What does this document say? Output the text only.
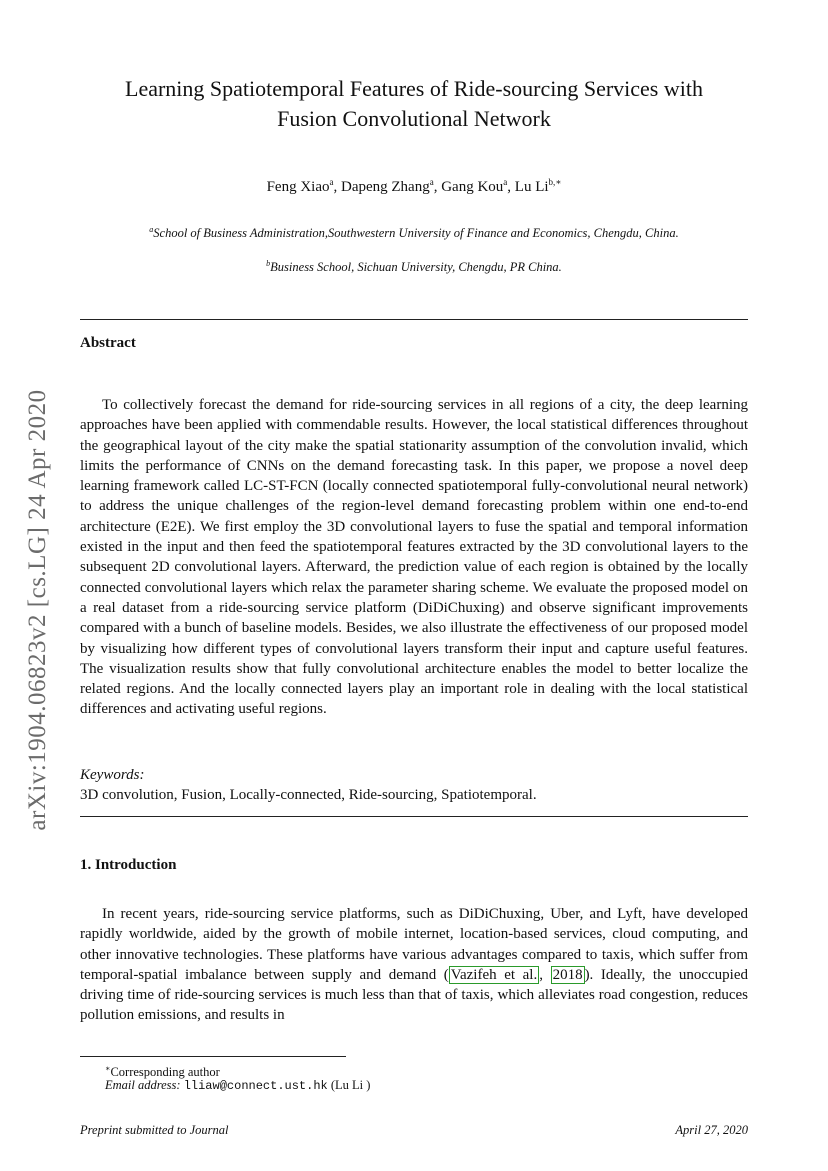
arXiv:1904.06823v2 [cs.LG] 24 Apr 2020
Learning Spatiotemporal Features of Ride-sourcing Services with
Fusion Convolutional Network
Feng Xiao$^a$, Dapeng Zhang$^a$, Gang Kou$^a$, Lu $Li^{b,∗}$
$^a$School of Business Administration,Southwestern University of Finance and Economics, Chengdu, China.
$^b$Business School, Sichuan University, Chengdu, PR China.
Abstract
To collectively forecast the demand for ride-sourcing services in all regions of a city, the deep learning approaches have been applied with commendable results. However, the local statistical differences throughout the geographical layout of the city make the spatial stationarity assumption of the convolution invalid, which limits the performance of CNNs on the demand forecasting task. In this paper, we propose a novel deep learning framework called LC-ST-FCN (locally connected spatiotemporal fully-convolutional neural network) to address the unique challenges of the region-level demand forecasting problem within one end-to-end architecture (E2E). We first employ the 3D convolutional layers to fuse the spatial and temporal information existed in the input and then feed the spatiotemporal features extracted by the 3D convolutional layers to the subsequent 2D convolutional layers. Afterward, the prediction value of each region is obtained by the locally connected convolutional layers which relax the parameter sharing scheme. We evaluate the proposed model on a real dataset from a ride-sourcing service platform (DiDiChuxing) and observe significant improvements compared with a bunch of baseline models. Besides, we also illustrate the effectiveness of our proposed model by visualizing how different types of convolutional layers transform their input and capture useful features. The visualization results show that fully convolutional architecture enables the model to better localize the related regions. And the locally connected layers play an important role in dealing with the local statistical differences and activating useful regions.
Keywords:
3D convolution, Fusion, Locally-connected, Ride-sourcing, Spatiotemporal.
1. Introduction
In recent years, ride-sourcing service platforms, such as DiDiChuxing, Uber, and Lyft, have developed rapidly worldwide, aided by the growth of mobile internet, location-based services, cloud computing, and other innovative technologies. These platforms have various advantages compared to taxis, which suffer from temporal-spatial imbalance between supply and demand ( Vazifeh et al. , 2018 ). Ideally, the unoccupied driving time of ride-sourcing services is much less than that of taxis, which alleviates road congestion, reduces pollution emissions, and results in
∗Corresponding author
Email address: lliaw@connect.ust.hk (Lu Li )
Preprint submitted to Journal	April 27, 2020
